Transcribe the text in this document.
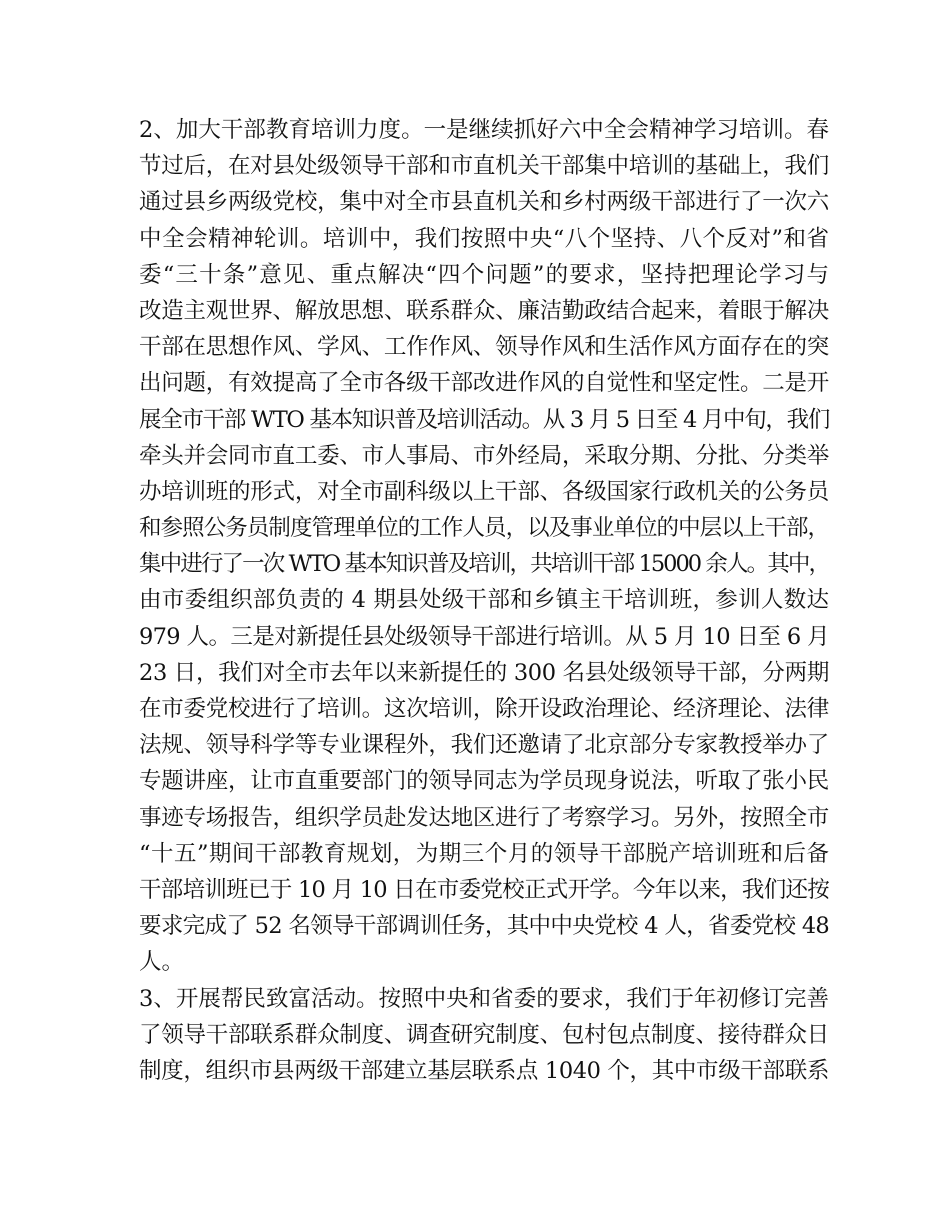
2、加大干部教育培训力度。一是继续抓好六中全会精神学习培训。春
节过后，在对县处级领导干部和市直机关干部集中培训的基础上，我们
通过县乡两级党校，集中对全市县直机关和乡村两级干部进行了一次六
中全会精神轮训。培训中，我们按照中央“八个坚持、八个反对”和省
委“三十条”意见、重点解决“四个问题”的要求，坚持把理论学习与
改造主观世界、解放思想、联系群众、廉洁勤政结合起来，着眼于解决
干部在思想作风、学风、工作作风、领导作风和生活作风方面存在的突
出问题，有效提高了全市各级干部改进作风的自觉性和坚定性。二是开
展全市干部 WTO 基本知识普及培训活动。从 3 月 5 日至 4 月中旬，我们
牵头并会同市直工委、市人事局、市外经局，采取分期、分批、分类举
办培训班的形式，对全市副科级以上干部、各级国家行政机关的公务员
和参照公务员制度管理单位的工作人员，以及事业单位的中层以上干部，
集中进行了一次 WTO 基本知识普及培训，共培训干部 15000 余人。其中，
由市委组织部负责的 4 期县处级干部和乡镇主干培训班，参训人数达
979 人。三是对新提任县处级领导干部进行培训。从 5 月 10 日至 6 月
23 日，我们对全市去年以来新提任的 300 名县处级领导干部，分两期
在市委党校进行了培训。这次培训，除开设政治理论、经济理论、法律
法规、领导科学等专业课程外，我们还邀请了北京部分专家教授举办了
专题讲座，让市直重要部门的领导同志为学员现身说法，听取了张小民
事迹专场报告，组织学员赴发达地区进行了考察学习。另外，按照全市
“十五”期间干部教育规划，为期三个月的领导干部脱产培训班和后备
干部培训班已于 10 月 10 日在市委党校正式开学。今年以来，我们还按
要求完成了 52 名领导干部调训任务，其中中央党校 4 人，省委党校 48
人。
3、开展帮民致富活动。按照中央和省委的要求，我们于年初修订完善
了领导干部联系群众制度、调查研究制度、包村包点制度、接待群众日
制度，组织市县两级干部建立基层联系点 1040 个，其中市级干部联系
